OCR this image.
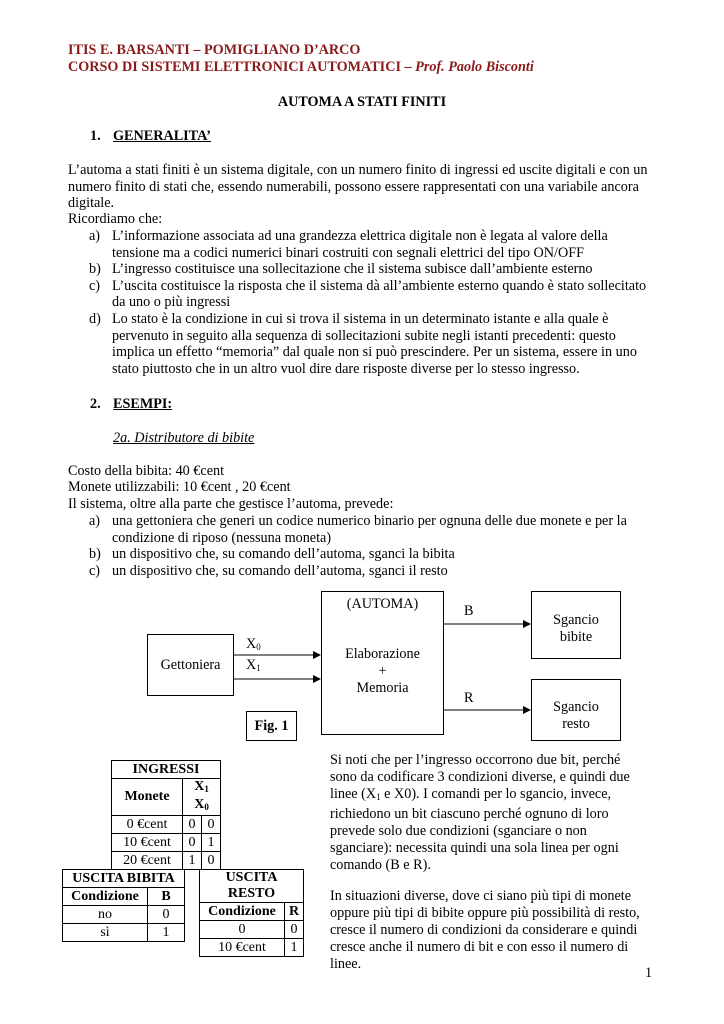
ITIS E. BARSANTI – POMIGLIANO D’ARCO
CORSO DI SISTEMI ELETTRONICI AUTOMATICI – Prof. Paolo Bisconti
AUTOMA A STATI FINITI
1. GENERALITA’
L’automa a stati finiti è un sistema digitale, con un numero finito di ingressi ed uscite digitali e con un numero finito di stati che, essendo numerabili, possono essere rappresentati con una variabile ancora digitale.
Ricordiamo che:
a) L’informazione associata ad una grandezza elettrica digitale non è legata al valore della tensione ma a codici numerici binari costruiti con segnali elettrici del tipo ON/OFF
b) L’ingresso costituisce una sollecitazione che il sistema subisce dall’ambiente esterno
c) L’uscita costituisce la risposta che il sistema dà all’ambiente esterno quando è stato sollecitato da uno o più ingressi
d) Lo stato è la condizione in cui si trova il sistema in un determinato istante e alla quale è pervenuto in seguito alla sequenza di sollecitazioni subite negli istanti precedenti: questo implica un effetto “memoria” dal quale non si può prescindere. Per un sistema, essere in uno stato piuttosto che in un altro vuol dire dare risposte diverse per lo stesso ingresso.
2. ESEMPI:
2a. Distributore di bibite
Costo della bibita: 40 €cent
Monete utilizzabili: 10 €cent , 20 €cent
Il sistema, oltre alla parte che gestisce l’automa, prevede:
a) una gettoniera che generi un codice numerico binario per ognuna delle due monete e per la condizione di riposo (nessuna moneta)
b) un dispositivo che, su comando dell’automa, sganci la bibita
c) un dispositivo che, su comando dell’automa, sganci il resto
Gettoniera
$X_0$
$X_1$
(AUTOMA)
Elaborazione
+
Memoria
B
R
Sgancio
bibite
Sgancio
resto
Fig. 1
INGRESSI		
Monete	$X_1$ $X_0$
0 €cent	0	0
10 €cent	0	1
20 €cent	1	0
USCITA BIBITA	
Condizione	B
no	0
sì	1
USCITA RESTO	
Condizione	R
0	0
10 €cent	1
Si noti che per l’ingresso occorrono due bit, perché sono da codificare 3 condizioni diverse, e quindi due linee ($X_1$ e X0). I comandi per lo sgancio, invece, richiedono un bit ciascuno perché ognuno di loro prevede solo due condizioni (sganciare o non sganciare): necessita quindi una sola linea per ogni comando (B e R).
In situazioni diverse, dove ci siano più tipi di monete oppure più tipi di bibite oppure più possibilità di resto, cresce il numero di condizioni da considerare e quindi cresce anche il numero di bit e con esso il numero di linee.
1
